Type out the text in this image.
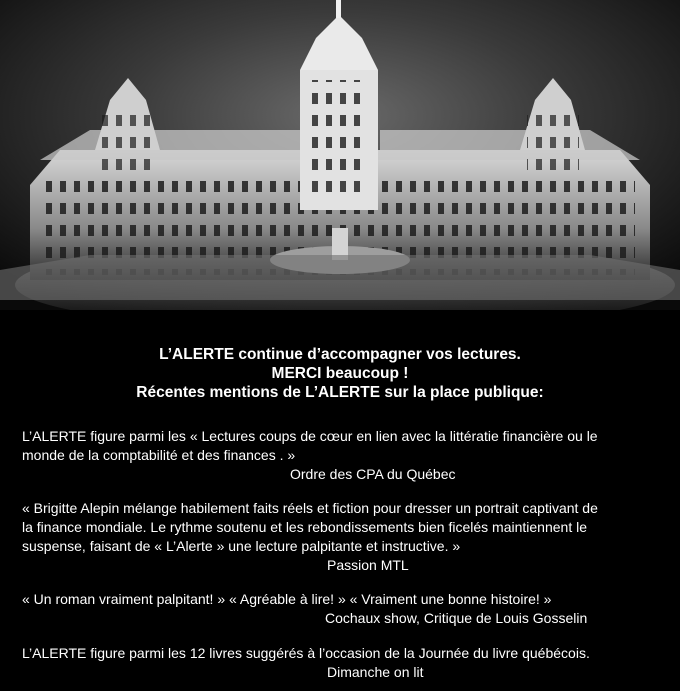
L’ALERTE continue d’accompagner vos lectures.
MERCI beaucoup !
Récentes mentions de L’ALERTE sur la place publique:
L’ALERTE figure parmi les « Lectures coups de cœur en lien avec la littératie financière ou le
monde de la comptabilité et des finances . »
Ordre des CPA du Québec
« Brigitte Alepin mélange habilement faits réels et fiction pour dresser un portrait captivant de
la finance mondiale. Le rythme soutenu et les rebondissements bien ficelés maintiennent le
suspense, faisant de « L’Alerte » une lecture palpitante et instructive. »
Passion MTL
« Un roman vraiment palpitant! » « Agréable à lire! » « Vraiment une bonne histoire! »
Cochaux show, Critique de Louis Gosselin
L’ALERTE figure parmi les 12 livres suggérés à l’occasion de la Journée du livre québécois.
Dimanche on lit
